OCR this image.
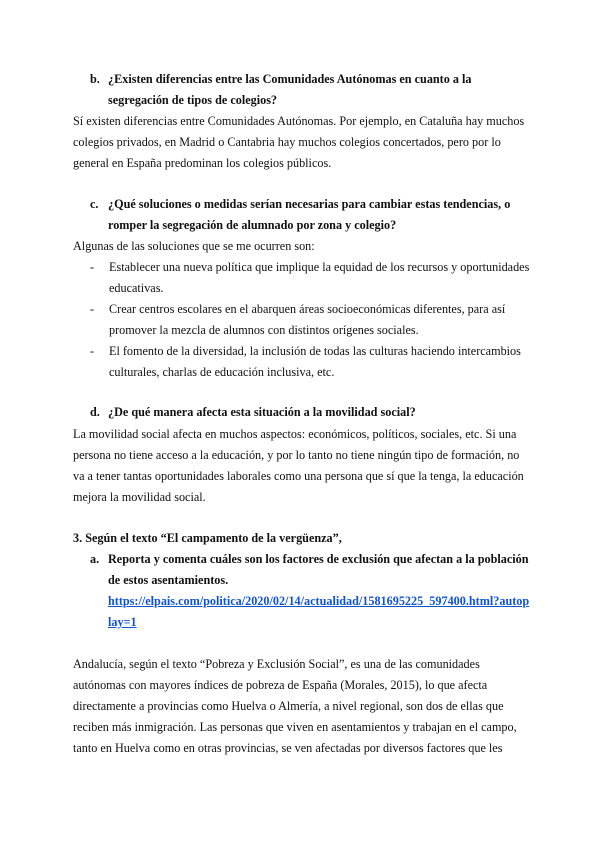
b. ¿Existen diferencias entre las Comunidades Autónomas en cuanto a la
segregación de tipos de colegios?

Sí existen diferencias entre Comunidades Autónomas. Por ejemplo, en Cataluña hay muchos

colegios privados, en Madrid o Cantabria hay muchos colegios concertados, pero por lo

general en España predominan los colegios públicos.

c. ¿Qué soluciones o medidas serían necesarias para cambiar estas tendencias, o
romper la segregación de alumnado por zona y colegio?

Algunas de las soluciones que se me ocurren son:

- Establecer una nueva política que implique la equidad de los recursos y oportunidades
educativas.
- Crear centros escolares en el abarquen áreas socioeconómicas diferentes, para así
promover la mezcla de alumnos con distintos orígenes sociales.
- El fomento de la diversidad, la inclusión de todas las culturas haciendo intercambios
culturales, charlas de educación inclusiva, etc.
d. ¿De qué manera afecta esta situación a la movilidad social?

La movilidad social afecta en muchos aspectos: económicos, políticos, sociales, etc. Si una

persona no tiene acceso a la educación, y por lo tanto no tiene ningún tipo de formación, no

va a tener tantas oportunidades laborales como una persona que sí que la tenga, la educación

mejora la movilidad social.

3. Según el texto “El campamento de la vergüenza”,
a. Reporta y comenta cuáles son los factores de exclusión que afectan a la población
de estos asentamientos.
https://elpais.com/politica/2020/02/14/actualidad/1581695225_597400.html?autop
lay=1

Andalucía, según el texto “Pobreza y Exclusión Social”, es una de las comunidades

autónomas con mayores índices de pobreza de España (Morales, 2015), lo que afecta

directamente a provincias como Huelva o Almería, a nivel regional, son dos de ellas que

reciben más inmigración. Las personas que viven en asentamientos y trabajan en el campo,

tanto en Huelva como en otras provincias, se ven afectadas por diversos factores que les
